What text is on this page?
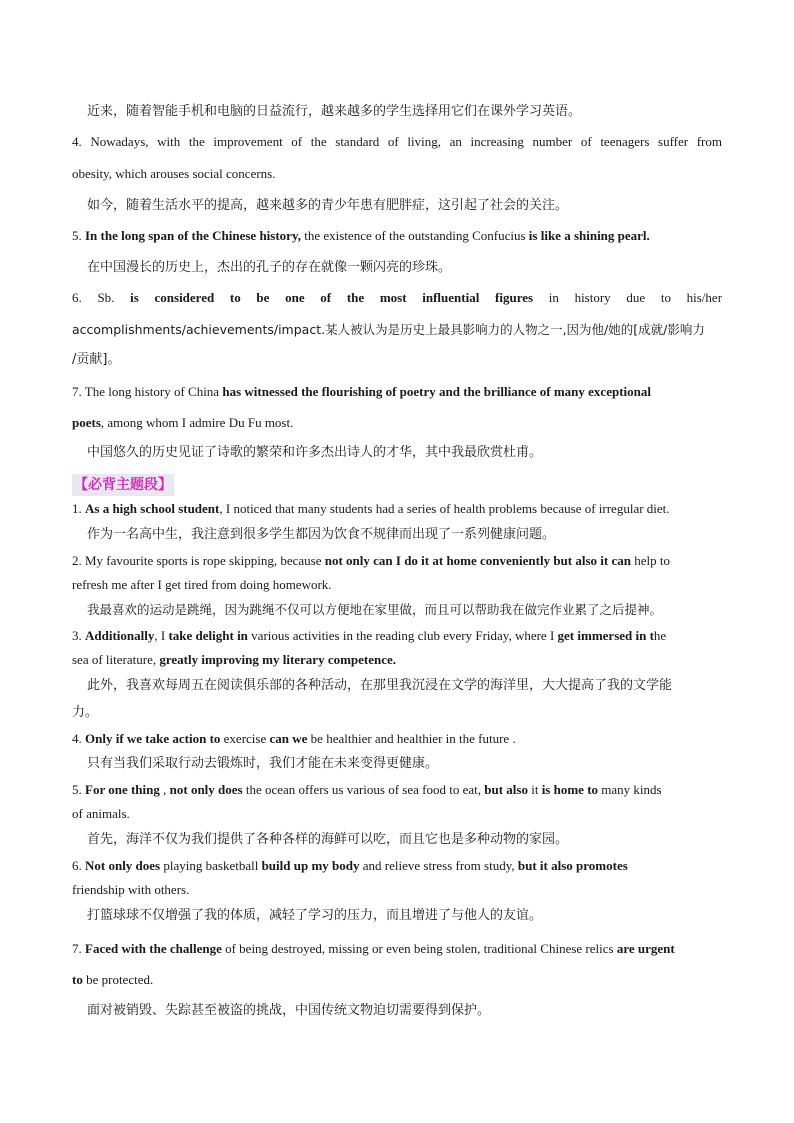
近来，随着智能手机和电脑的日益流行，越来越多的学生选择用它们在课外学习英语。
4. Nowadays, with the improvement of the standard of living, an increasing number of teenagers suffer from
obesity, which arouses social concerns.
如今，随着生活水平的提高，越来越多的青少年患有肥胖症，这引起了社会的关注。
5. In the long span of the Chinese history, the existence of the outstanding Confucius is like a shining pearl.
在中国漫长的历史上，杰出的孔子的存在就像一颗闪亮的珍珠。
6. Sb. is considered to be one of the most influential figures in history due to his/her
accomplishments/achievements/impact.某人被认为是历史上最具影响力的人物之一,因为他/她的[成就/影响力
/贡献]。
7. The long history of China has witnessed the flourishing of poetry and the brilliance of many exceptional
poets, among whom I admire Du Fu most.
中国悠久的历史见证了诗歌的繁荣和许多杰出诗人的才华，其中我最欣赏杜甫。
【必背主题段】
1. As a high school student, I noticed that many students had a series of health problems because of irregular diet.
作为一名高中生，我注意到很多学生都因为饮食不规律而出现了一系列健康问题。
2. My favourite sports is rope skipping, because not only can I do it at home conveniently but also it can help to
refresh me after I get tired from doing homework.
我最喜欢的运动是跳绳，因为跳绳不仅可以方便地在家里做，而且可以帮助我在做完作业累了之后提神。
3. Additionally, I take delight in various activities in the reading club every Friday, where I get immersed in the
sea of literature, greatly improving my literary competence.
此外，我喜欢每周五在阅读俱乐部的各种活动，在那里我沉浸在文学的海洋里，大大提高了我的文学能
力。
4. Only if we take action to exercise can we be healthier and healthier in the future .
只有当我们采取行动去锻炼时，我们才能在未来变得更健康。
5. For one thing , not only does the ocean offers us various of sea food to eat, but also it is home to many kinds
of animals.
首先，海洋不仅为我们提供了各种各样的海鲜可以吃，而且它也是多种动物的家园。
6. Not only does playing basketball build up my body and relieve stress from study, but it also promotes
friendship with others.
打篮球球不仅增强了我的体质，减轻了学习的压力，而且增进了与他人的友谊。
7. Faced with the challenge of being destroyed, missing or even being stolen, traditional Chinese relics are urgent
to be protected.
面对被销毁、失踪甚至被盗的挑战，中国传统文物迫切需要得到保护。
